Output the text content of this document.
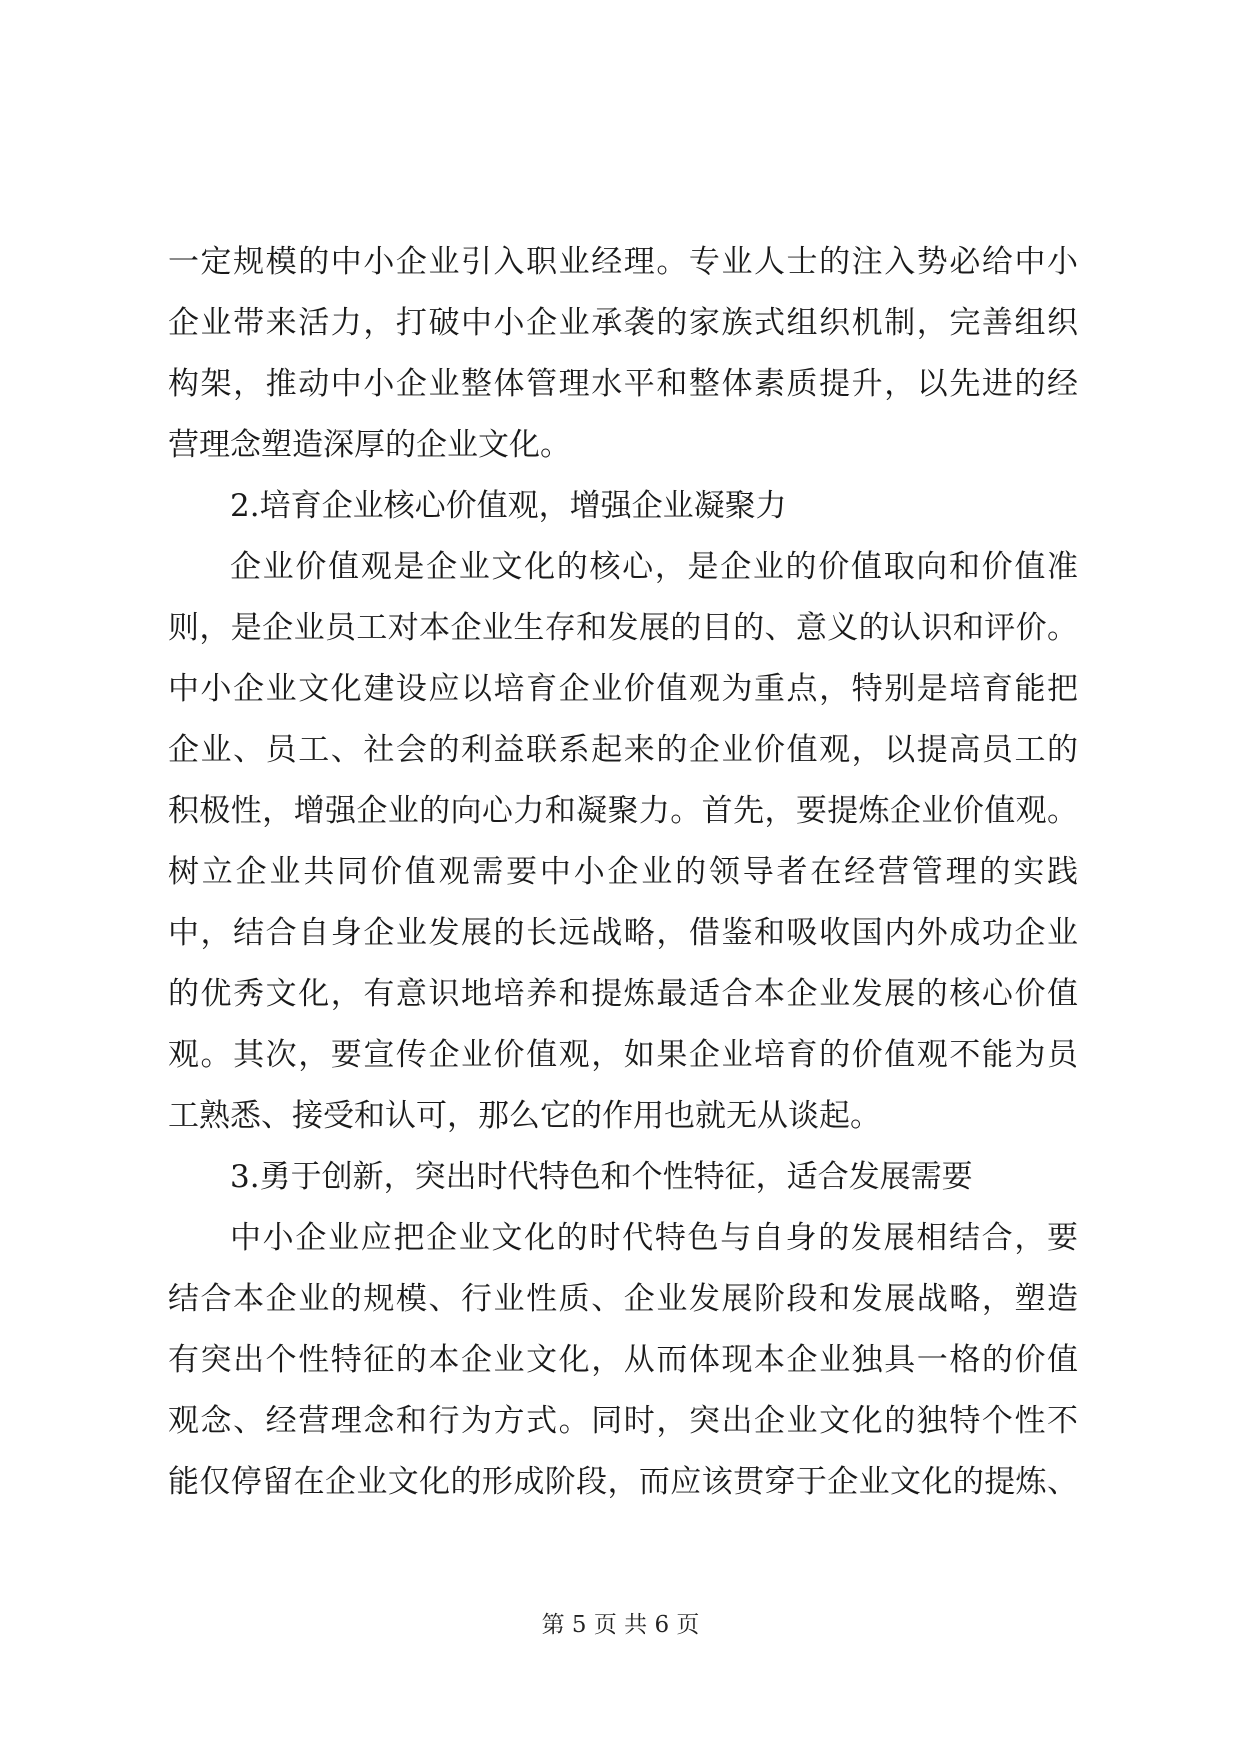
一定规模的中小企业引入职业经理。专业人士的注入势必给中小
企业带来活力，打破中小企业承袭的家族式组织机制，完善组织
构架，推动中小企业整体管理水平和整体素质提升，以先进的经
营理念塑造深厚的企业文化。
2.培育企业核心价值观，增强企业凝聚力
企业价值观是企业文化的核心，是企业的价值取向和价值准
则，是企业员工对本企业生存和发展的目的、意义的认识和评价。
中小企业文化建设应以培育企业价值观为重点，特别是培育能把
企业、员工、社会的利益联系起来的企业价值观，以提高员工的
积极性，增强企业的向心力和凝聚力。首先，要提炼企业价值观。
树立企业共同价值观需要中小企业的领导者在经营管理的实践
中，结合自身企业发展的长远战略，借鉴和吸收国内外成功企业
的优秀文化，有意识地培养和提炼最适合本企业发展的核心价值
观。其次，要宣传企业价值观，如果企业培育的价值观不能为员
工熟悉、接受和认可，那么它的作用也就无从谈起。
3.勇于创新，突出时代特色和个性特征，适合发展需要
中小企业应把企业文化的时代特色与自身的发展相结合，要
结合本企业的规模、行业性质、企业发展阶段和发展战略，塑造
有突出个性特征的本企业文化，从而体现本企业独具一格的价值
观念、经营理念和行为方式。同时，突出企业文化的独特个性不
能仅停留在企业文化的形成阶段，而应该贯穿于企业文化的提炼、
第 5 页 共 6 页
